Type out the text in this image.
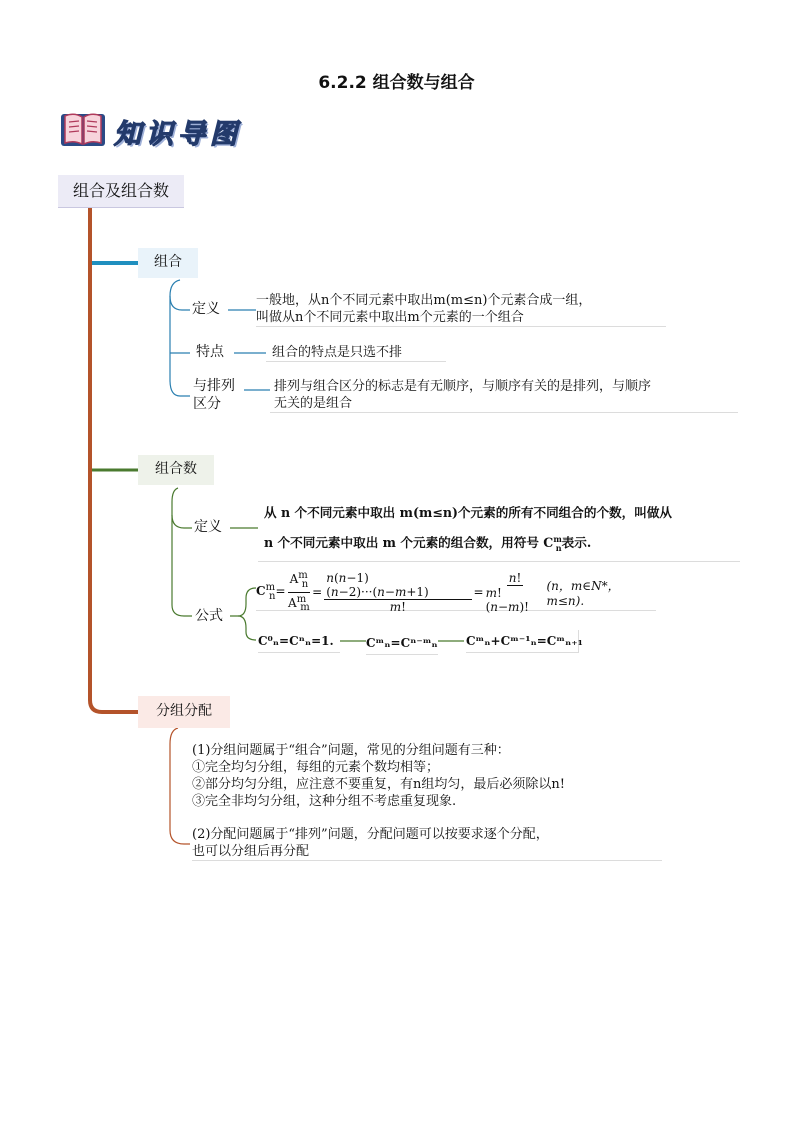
6.2.2 组合数与组合
知识导图
组合及组合数
组合
定义
一般地，从n个不同元素中取出m(m≤n)个元素合成一组，
叫做从n个不同元素中取出m个元素的一个组合
特点	组合的特点是只选不排
与排列
区分
排列与组合区分的标志是有无顺序，与顺序有关的是排列，与顺序
无关的是组合
组合数
定义
从 n 个不同元素中取出 m(m≤n)个元素的所有不同组合的个数，叫做从
n 个不同元素中取出 m 个元素的组合数，用符号 $C^m_n$表示.
公式
$C^m_n= \frac{A^m_n}{A^m_m} = \frac{n(n-1)(n-2)\cdot\cdot\cdot(n-m+1)}{m!} = \frac{n!}{m!(n-m)!} (n$，m∈N*，m≤n).
C⁰ₙ=Cⁿₙ=1.	Cᵐₙ=Cⁿ⁻ᵐₙ Cᵐₙ+Cᵐ⁻¹ₙ=Cᵐₙ₊₁
分组分配
(1)分组问题属于“组合”问题，常见的分组问题有三种：
①完全均匀分组，每组的元素个数均相等；
②部分均匀分组，应注意不要重复，有n组均匀，最后必须除以n!
③完全非均匀分组，这种分组不考虑重复现象.
(2)分配问题属于“排列”问题，分配问题可以按要求逐个分配，
也可以分组后再分配
